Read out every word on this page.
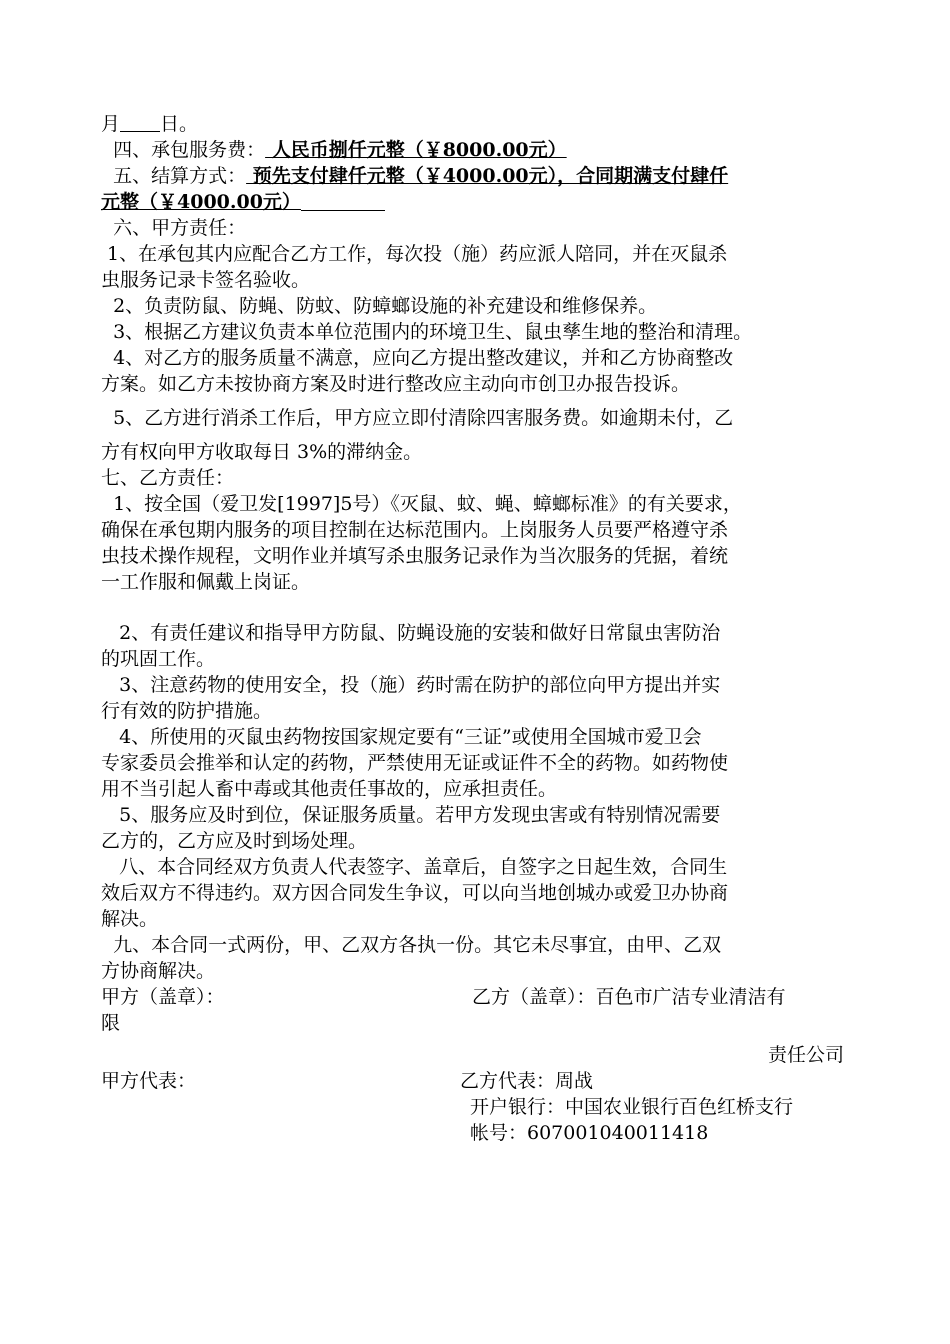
月 日。
四、承包服务费： 人民币捌仟元整（￥8000.00元）
五、结算方式： 预先支付肆仟元整（￥4000.00元），合同期满支付肆仟
元整（￥4000.00元）
六、甲方责任：
1、在承包其内应配合乙方工作，每次投（施）药应派人陪同，并在灭鼠杀
虫服务记录卡签名验收。
2、负责防鼠、防蝇、防蚊、防蟑螂设施的补充建设和维修保养。
3、根据乙方建议负责本单位范围内的环境卫生、鼠虫孳生地的整治和清理。
4、对乙方的服务质量不满意，应向乙方提出整改建议，并和乙方协商整改
方案。如乙方未按协商方案及时进行整改应主动向市创卫办报告投诉。
5、乙方进行消杀工作后，甲方应立即付清除四害服务费。如逾期未付，乙
方有权向甲方收取每日 3%的滞纳金。
七、乙方责任：
1、按全国（爱卫发[1997]5号）《灭鼠、蚊、蝇、蟑螂标准》的有关要求，
确保在承包期内服务的项目控制在达标范围内。上岗服务人员要严格遵守杀
虫技术操作规程，文明作业并填写杀虫服务记录作为当次服务的凭据，着统
一工作服和佩戴上岗证。
2、有责任建议和指导甲方防鼠、防蝇设施的安装和做好日常鼠虫害防治
的巩固工作。
3、注意药物的使用安全，投（施）药时需在防护的部位向甲方提出并实
行有效的防护措施。
4、所使用的灭鼠虫药物按国家规定要有“三证”或使用全国城市爱卫会
专家委员会推举和认定的药物，严禁使用无证或证件不全的药物。如药物使
用不当引起人畜中毒或其他责任事故的，应承担责任。
5、服务应及时到位，保证服务质量。若甲方发现虫害或有特别情况需要
乙方的，乙方应及时到场处理。
八、本合同经双方负责人代表签字、盖章后，自签字之日起生效，合同生
效后双方不得违约。双方因合同发生争议，可以向当地创城办或爱卫办协商
解决。
九、本合同一式两份，甲、乙双方各执一份。其它未尽事宜，由甲、乙双
方协商解决。
甲方（盖章）：	乙方（盖章）：百色市广洁专业清洁有
限
责任公司
甲方代表：	乙方代表：周战
开户银行：中国农业银行百色红桥支行
帐号：607001040011418
